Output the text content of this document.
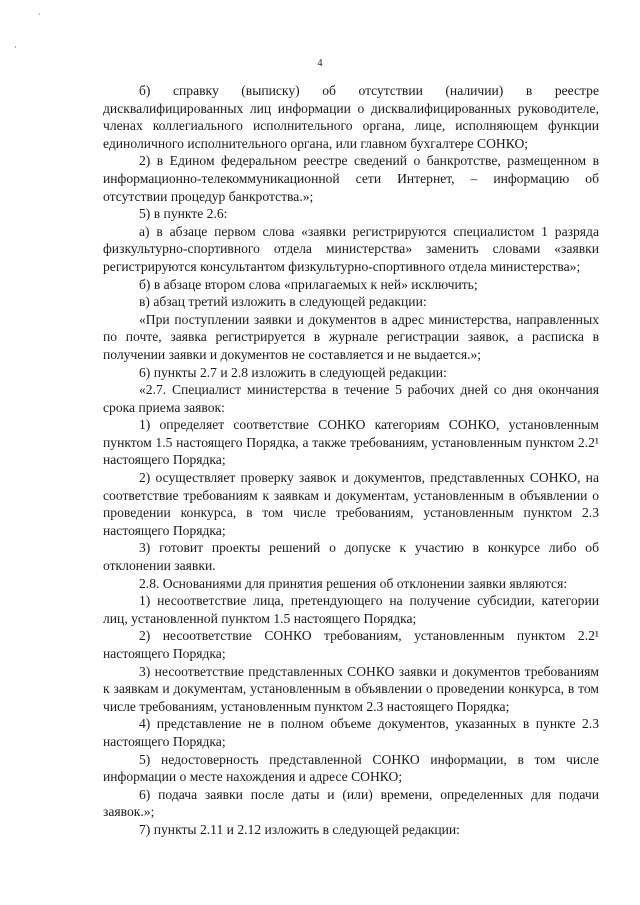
˙
·
4

б) справку (выписку) об отсутствии (наличии) в реестре дисквалифицированных лиц информации о дисквалифицированных руководителе, членах коллегиального исполнительного органа, лице, исполняющем функции единоличного исполнительного органа, или главном бухгалтере СОНКО;

2) в Едином федеральном реестре сведений о банкротстве, размещенном в информационно-телекоммуникационной сети Интернет, – информацию об отсутствии процедур банкротства.»;

5) в пункте 2.6:

а) в абзаце первом слова «заявки регистрируются специалистом 1 разряда физкультурно-спортивного отдела министерства» заменить словами «заявки регистрируются консультантом физкультурно-спортивного отдела министерства»;

б) в абзаце втором слова «прилагаемых к ней» исключить;

в) абзац третий изложить в следующей редакции:

«При поступлении заявки и документов в адрес министерства, направленных по почте, заявка регистрируется в журнале регистрации заявок, а расписка в получении заявки и документов не составляется и не выдается.»;

6) пункты 2.7 и 2.8 изложить в следующей редакции:

«2.7. Специалист министерства в течение 5 рабочих дней со дня окончания срока приема заявок:

1) определяет соответствие СОНКО категориям СОНКО, установленным пунктом 1.5 настоящего Порядка, а также требованиям, установленным пунктом 2.2¹ настоящего Порядка;

2) осуществляет проверку заявок и документов, представленных СОНКО, на соответствие требованиям к заявкам и документам, установленным в объявлении о проведении конкурса, в том числе требованиям, установленным пунктом 2.3 настоящего Порядка;

3) готовит проекты решений о допуске к участию в конкурсе либо об отклонении заявки.

2.8. Основаниями для принятия решения об отклонении заявки являются:

1) несоответствие лица, претендующего на получение субсидии, категории лиц, установленной пунктом 1.5 настоящего Порядка;

2) несоответствие СОНКО требованиям, установленным пунктом 2.2¹ настоящего Порядка;

3) несоответствие представленных СОНКО заявки и документов требованиям к заявкам и документам, установленным в объявлении о проведении конкурса, в том числе требованиям, установленным пунктом 2.3 настоящего Порядка;

4) представление не в полном объеме документов, указанных в пункте 2.3 настоящего Порядка;

5) недостоверность представленной СОНКО информации, в том числе информации о месте нахождения и адресе СОНКО;

6) подача заявки после даты и (или) времени, определенных для подачи заявок.»;

7) пункты 2.11 и 2.12 изложить в следующей редакции:
